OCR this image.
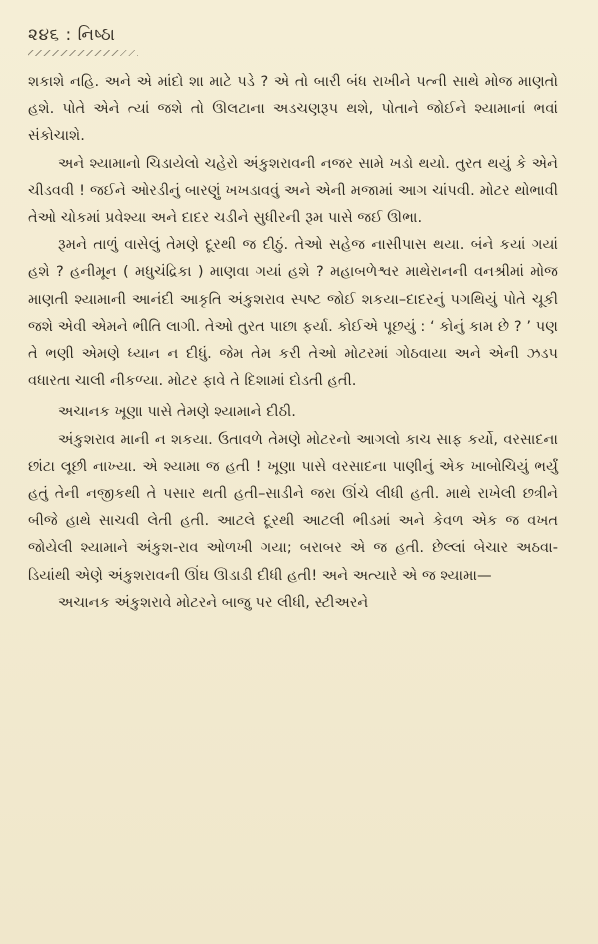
૨૪૬ : નિષ્ઠા

શકાશે નહિ. અને એ માંદો શા માટે પડે ? એ તો બારી બંધ રાખીને પત્ની સાથે મોજ માણતો હશે. પોતે એને ત્યાં જશે તો ઊલટાના અડચણરૂપ થશે, પોતાને જોઈને શ્યામાનાં ભવાં સંકોચાશે.

અને શ્યામાનો ચિડાયેલો ચહેરો અંકુશરાવની નજર સામે ખડો થયો. તુરત થયું કે એને ચીડવવી ! જઈને ઓરડીનું બારણું ખખડાવવું અને એની મજામાં આગ ચાંપવી. મોટર થોભાવી તેઓ ચોકમાં પ્રવેશ્યા અને દાદર ચડીને સુધીરની રૂમ પાસે જઈ ઊભા.

રૂમને તાળું વાસેલું તેમણે દૂરથી જ દીઠું. તેઓ સહેજ નાસીપાસ થયા. બંને કયાં ગયાં હશે ? હનીમૂન ( મધુચંદ્રિકા ) માણવા ગયાં હશે ? મહાબળેશ્વર માથેરાનની વનશ્રીમાં મોજ માણતી શ્યામાની આનંદી આકૃતિ અંકુશરાવ સ્પષ્ટ જોઈ શકયા–દાદરનું પગથિયું પોતે ચૂકી જશે એવી એમને ભીતિ લાગી. તેઓ તુરત પાછા ફર્યા. કોઈએ પૂછયું : ‘ કોનું કામ છે ? ’ પણ તે ભણી એમણે ધ્યાન ન દીધું. જેમ તેમ કરી તેઓ મોટરમાં ગોઠવાયા અને એની ઝડપ વધારતા ચાલી નીકળ્યા. મોટર ફાવે તે દિશામાં દોડતી હતી.

અચાનક ખૂણા પાસે તેમણે શ્યામાને દીઠી.

અંકુશરાવ માની ન શકયા. ઉતાવળે તેમણે મોટરનો આગલો કાચ સાફ કર્યો, વરસાદના છાંટા લૂછી નાખ્યા. એ શ્યામા જ હતી ! ખૂણા પાસે વરસાદના પાણીનું એક ખાબોચિયું ભર્યું હતું તેની નજીકથી તે પસાર થતી હતી–સાડીને જરા ઊંચે લીધી હતી. માથે રાખેલી છત્રીને બીજે હાથે સાચવી લેતી હતી. આટલે દૂરથી આટલી ભીડમાં અને કેવળ એક જ વખત જોયેલી શ્યામાને અંકુશ-રાવ ઓળખી ગયા; બરાબર એ જ હતી. છેલ્લાં બેચાર અઠવા-ડિયાંથી એણે અંકુશરાવની ઊંઘ ઊડાડી દીધી હતી! અને અત્યારે એ જ શ્યામા—

અચાનક અંકુશરાવે મોટરને બાજુ પર લીધી, સ્ટીઅરને
